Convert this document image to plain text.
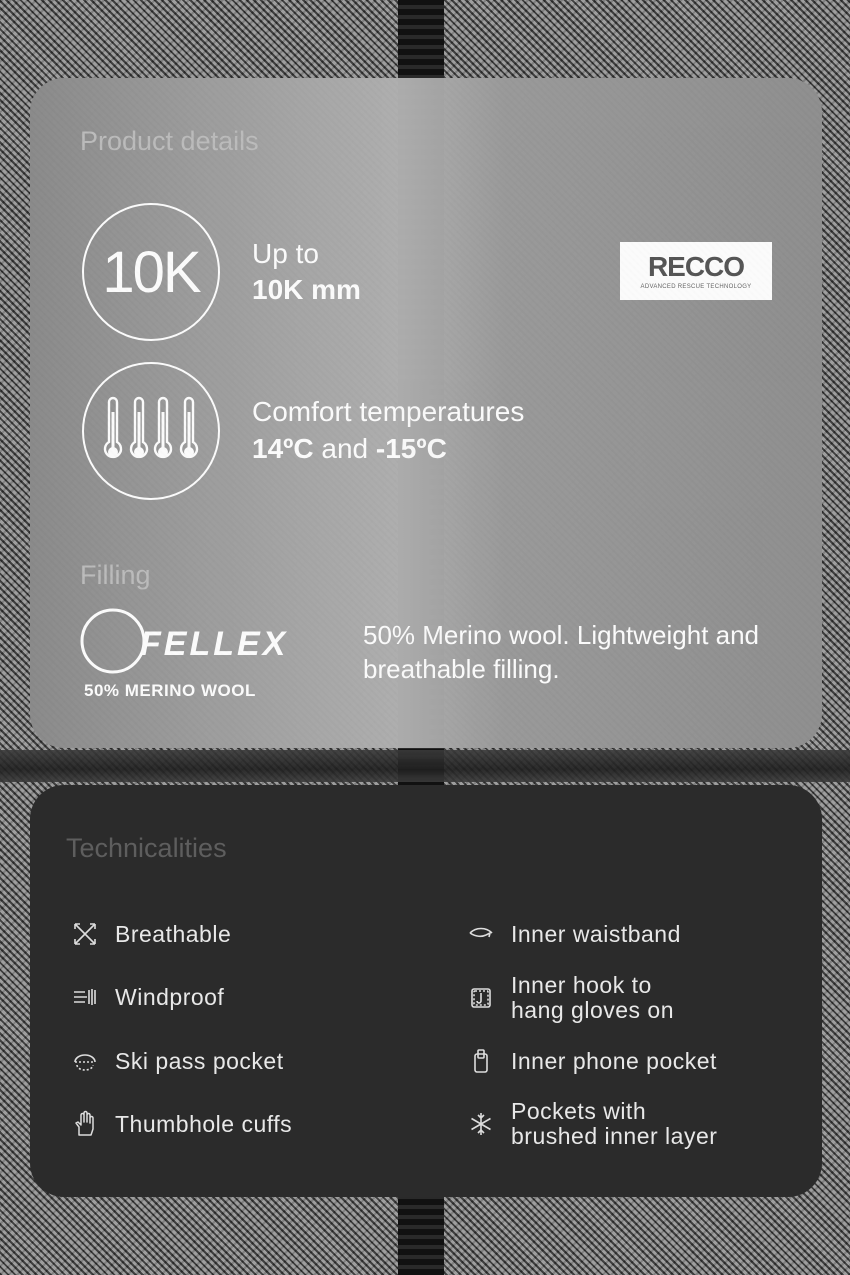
Product details
10K Up to
10K mm
RECCO
ADVANCED RESCUE TECHNOLOGY
Comfort temperatures
14ºC and -15ºC
Filling
FELLEX
50% MERINO WOOL
50% Merino wool. Lightweight and breathable filling.
Technicalities
Breathable
Windproof
Ski pass pocket
Thumbhole cuffs
Inner waistband
Inner hook to
hang gloves on
Inner phone pocket
Pockets with
brushed inner layer
